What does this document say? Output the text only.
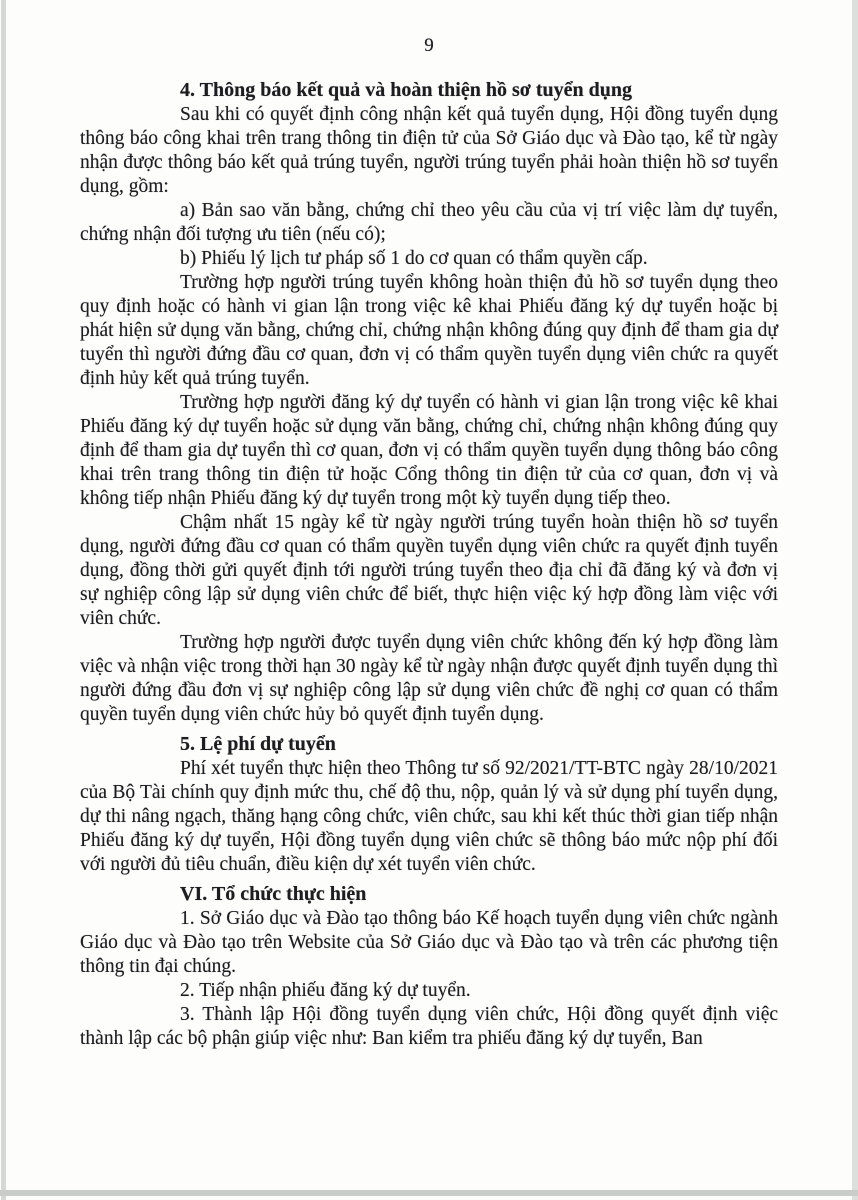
9
4. Thông báo kết quả và hoàn thiện hồ sơ tuyển dụng

Sau khi có quyết định công nhận kết quả tuyển dụng, Hội đồng tuyển dụng thông báo công khai trên trang thông tin điện tử của Sở Giáo dục và Đào tạo, kể từ ngày nhận được thông báo kết quả trúng tuyển, người trúng tuyển phải hoàn thiện hồ sơ tuyển dụng, gồm:

a) Bản sao văn bằng, chứng chỉ theo yêu cầu của vị trí việc làm dự tuyển, chứng nhận đối tượng ưu tiên (nếu có);

b) Phiếu lý lịch tư pháp số 1 do cơ quan có thẩm quyền cấp.

Trường hợp người trúng tuyển không hoàn thiện đủ hồ sơ tuyển dụng theo quy định hoặc có hành vi gian lận trong việc kê khai Phiếu đăng ký dự tuyển hoặc bị phát hiện sử dụng văn bằng, chứng chỉ, chứng nhận không đúng quy định để tham gia dự tuyển thì người đứng đầu cơ quan, đơn vị có thẩm quyền tuyển dụng viên chức ra quyết định hủy kết quả trúng tuyển.

Trường hợp người đăng ký dự tuyển có hành vi gian lận trong việc kê khai Phiếu đăng ký dự tuyển hoặc sử dụng văn bằng, chứng chỉ, chứng nhận không đúng quy định để tham gia dự tuyển thì cơ quan, đơn vị có thẩm quyền tuyển dụng thông báo công khai trên trang thông tin điện tử hoặc Cổng thông tin điện tử của cơ quan, đơn vị và không tiếp nhận Phiếu đăng ký dự tuyển trong một kỳ tuyển dụng tiếp theo.

Chậm nhất 15 ngày kể từ ngày người trúng tuyển hoàn thiện hồ sơ tuyển dụng, người đứng đầu cơ quan có thẩm quyền tuyển dụng viên chức ra quyết định tuyển dụng, đồng thời gửi quyết định tới người trúng tuyển theo địa chỉ đã đăng ký và đơn vị sự nghiệp công lập sử dụng viên chức để biết, thực hiện việc ký hợp đồng làm việc với viên chức.

Trường hợp người được tuyển dụng viên chức không đến ký hợp đồng làm việc và nhận việc trong thời hạn 30 ngày kể từ ngày nhận được quyết định tuyển dụng thì người đứng đầu đơn vị sự nghiệp công lập sử dụng viên chức đề nghị cơ quan có thẩm quyền tuyển dụng viên chức hủy bỏ quyết định tuyển dụng.

5. Lệ phí dự tuyển

Phí xét tuyển thực hiện theo Thông tư số 92/2021/TT-BTC ngày 28/10/2021 của Bộ Tài chính quy định mức thu, chế độ thu, nộp, quản lý và sử dụng phí tuyển dụng, dự thi nâng ngạch, thăng hạng công chức, viên chức, sau khi kết thúc thời gian tiếp nhận Phiếu đăng ký dự tuyển, Hội đồng tuyển dụng viên chức sẽ thông báo mức nộp phí đối với người đủ tiêu chuẩn, điều kiện dự xét tuyển viên chức.

VI. Tổ chức thực hiện

1. Sở Giáo dục và Đào tạo thông báo Kế hoạch tuyển dụng viên chức ngành Giáo dục và Đào tạo trên Website của Sở Giáo dục và Đào tạo và trên các phương tiện thông tin đại chúng.

2. Tiếp nhận phiếu đăng ký dự tuyển.

3. Thành lập Hội đồng tuyển dụng viên chức, Hội đồng quyết định việc thành lập các bộ phận giúp việc như: Ban kiểm tra phiếu đăng ký dự tuyển, Ban
